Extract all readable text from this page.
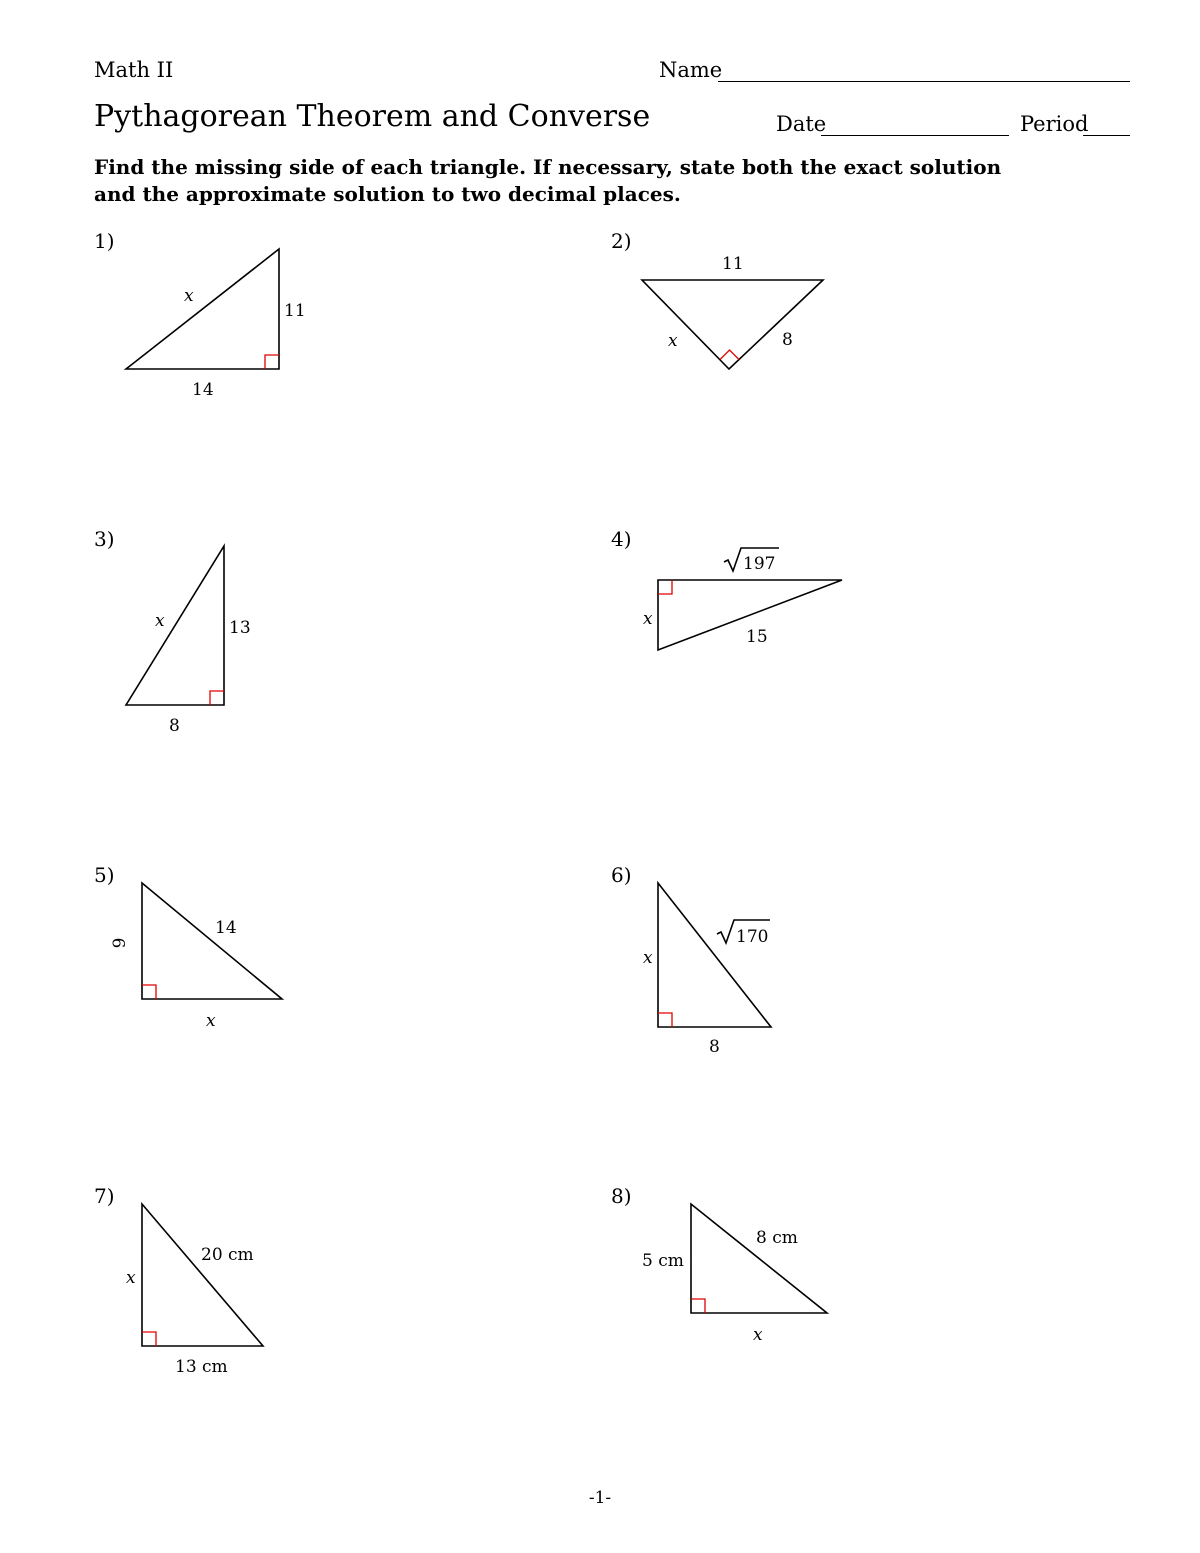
Math II	Name
Pythagorean Theorem and Converse	Date	Period
Find the missing side of each triangle. If necessary, state both the exact solution and the approximate solution to two decimal places.
1)	2)
3)	4)
5)	6)
7)	8)
x
11
14
11
x	8
x	13
8
197
x
15
9
14
x
x
170
8
x
20 cm
13 cm
5 cm
8 cm
x
-1-
